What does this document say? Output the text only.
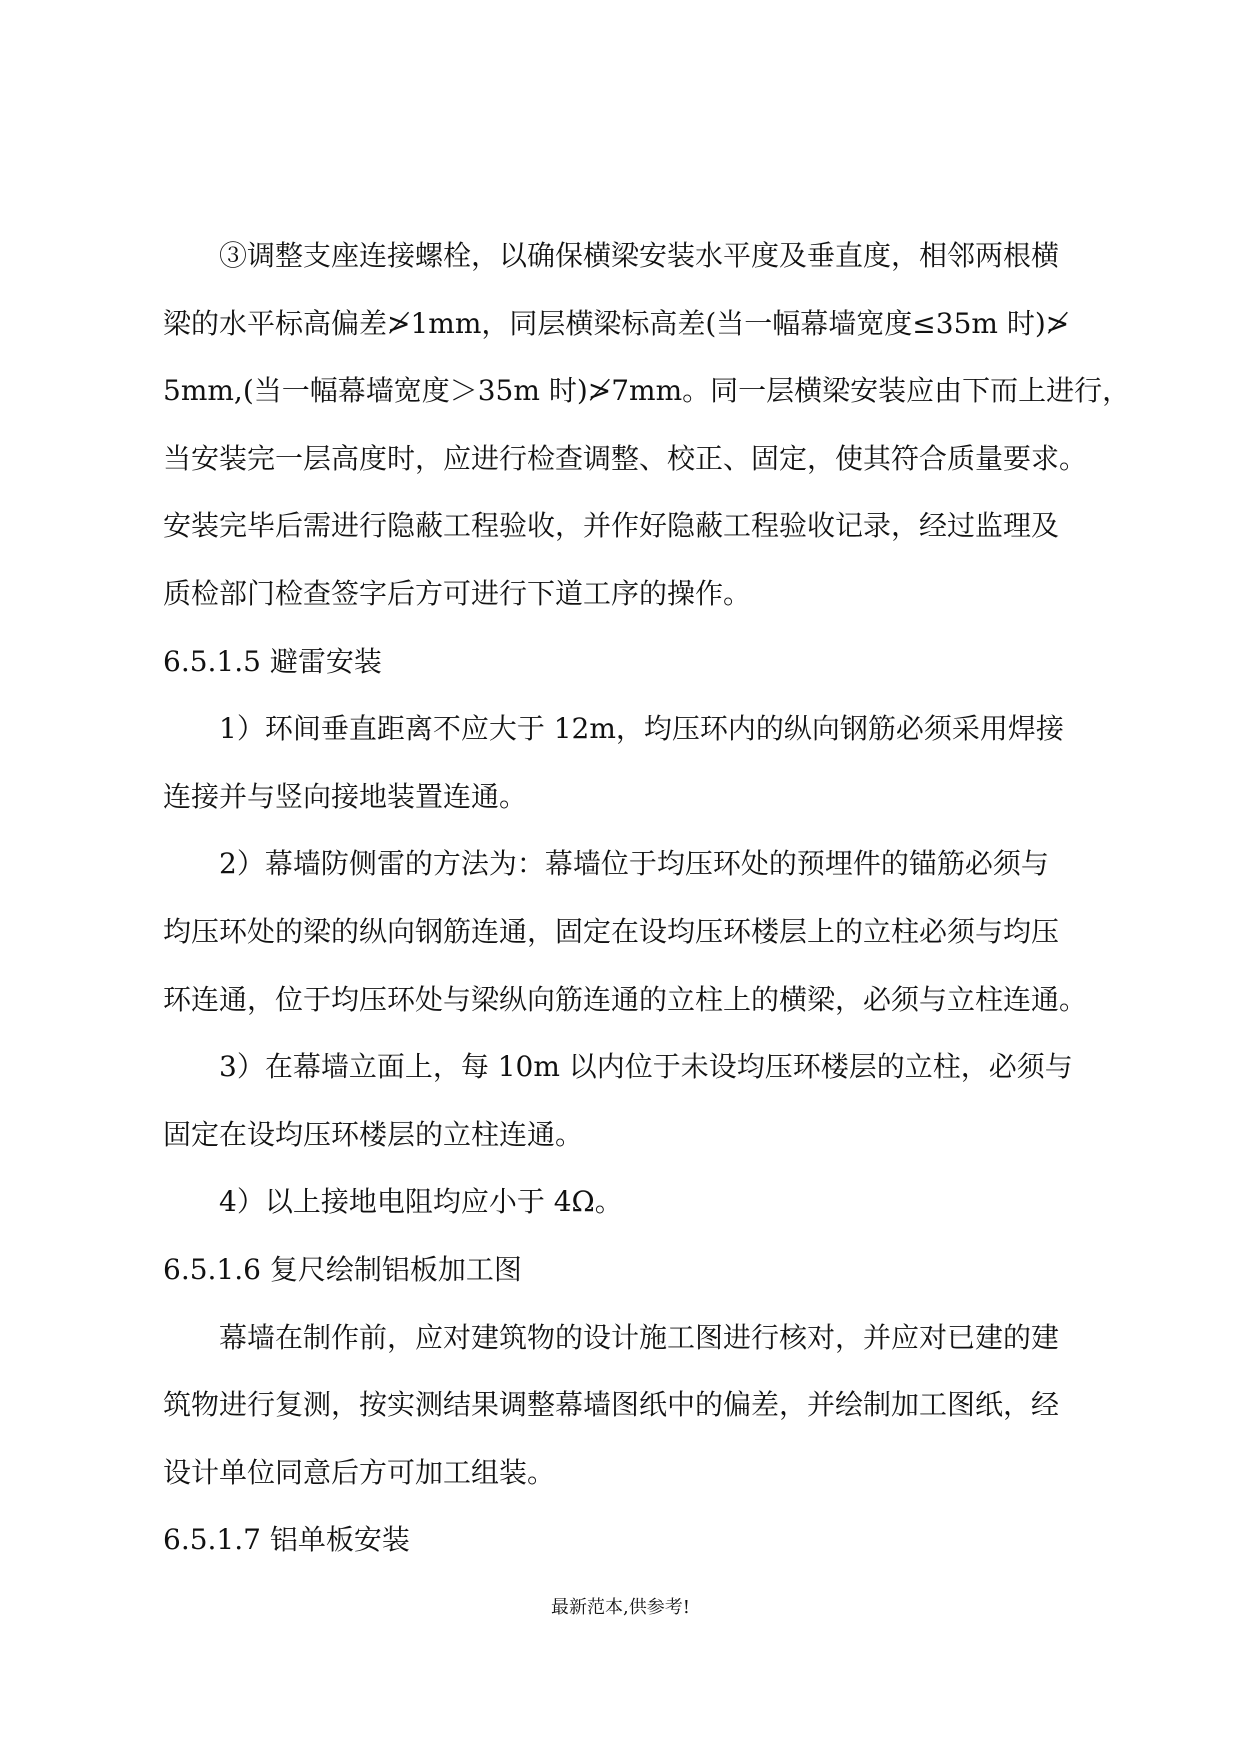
③调整支座连接螺栓，以确保横梁安装水平度及垂直度，相邻两根横

梁的水平标高偏差≯1mm，同层横梁标高差(当一幅幕墙宽度≤35m 时)≯

5mm,(当一幅幕墙宽度＞35m 时)≯7mm。同一层横梁安装应由下而上进行，

当安装完一层高度时，应进行检查调整、校正、固定，使其符合质量要求。

安装完毕后需进行隐蔽工程验收，并作好隐蔽工程验收记录，经过监理及

质检部门检查签字后方可进行下道工序的操作。

6.5.1.5 避雷安装

1）环间垂直距离不应大于 12m，均压环内的纵向钢筋必须采用焊接

连接并与竖向接地装置连通。

2）幕墙防侧雷的方法为：幕墙位于均压环处的预埋件的锚筋必须与

均压环处的梁的纵向钢筋连通，固定在设均压环楼层上的立柱必须与均压

环连通，位于均压环处与梁纵向筋连通的立柱上的横梁，必须与立柱连通。

3）在幕墙立面上，每 10m 以内位于未设均压环楼层的立柱，必须与

固定在设均压环楼层的立柱连通。

4）以上接地电阻均应小于 4Ω。

6.5.1.6 复尺绘制铝板加工图

幕墙在制作前，应对建筑物的设计施工图进行核对，并应对已建的建

筑物进行复测，按实测结果调整幕墙图纸中的偏差，并绘制加工图纸，经

设计单位同意后方可加工组装。

6.5.1.7 铝单板安装

最新范本,供参考!
